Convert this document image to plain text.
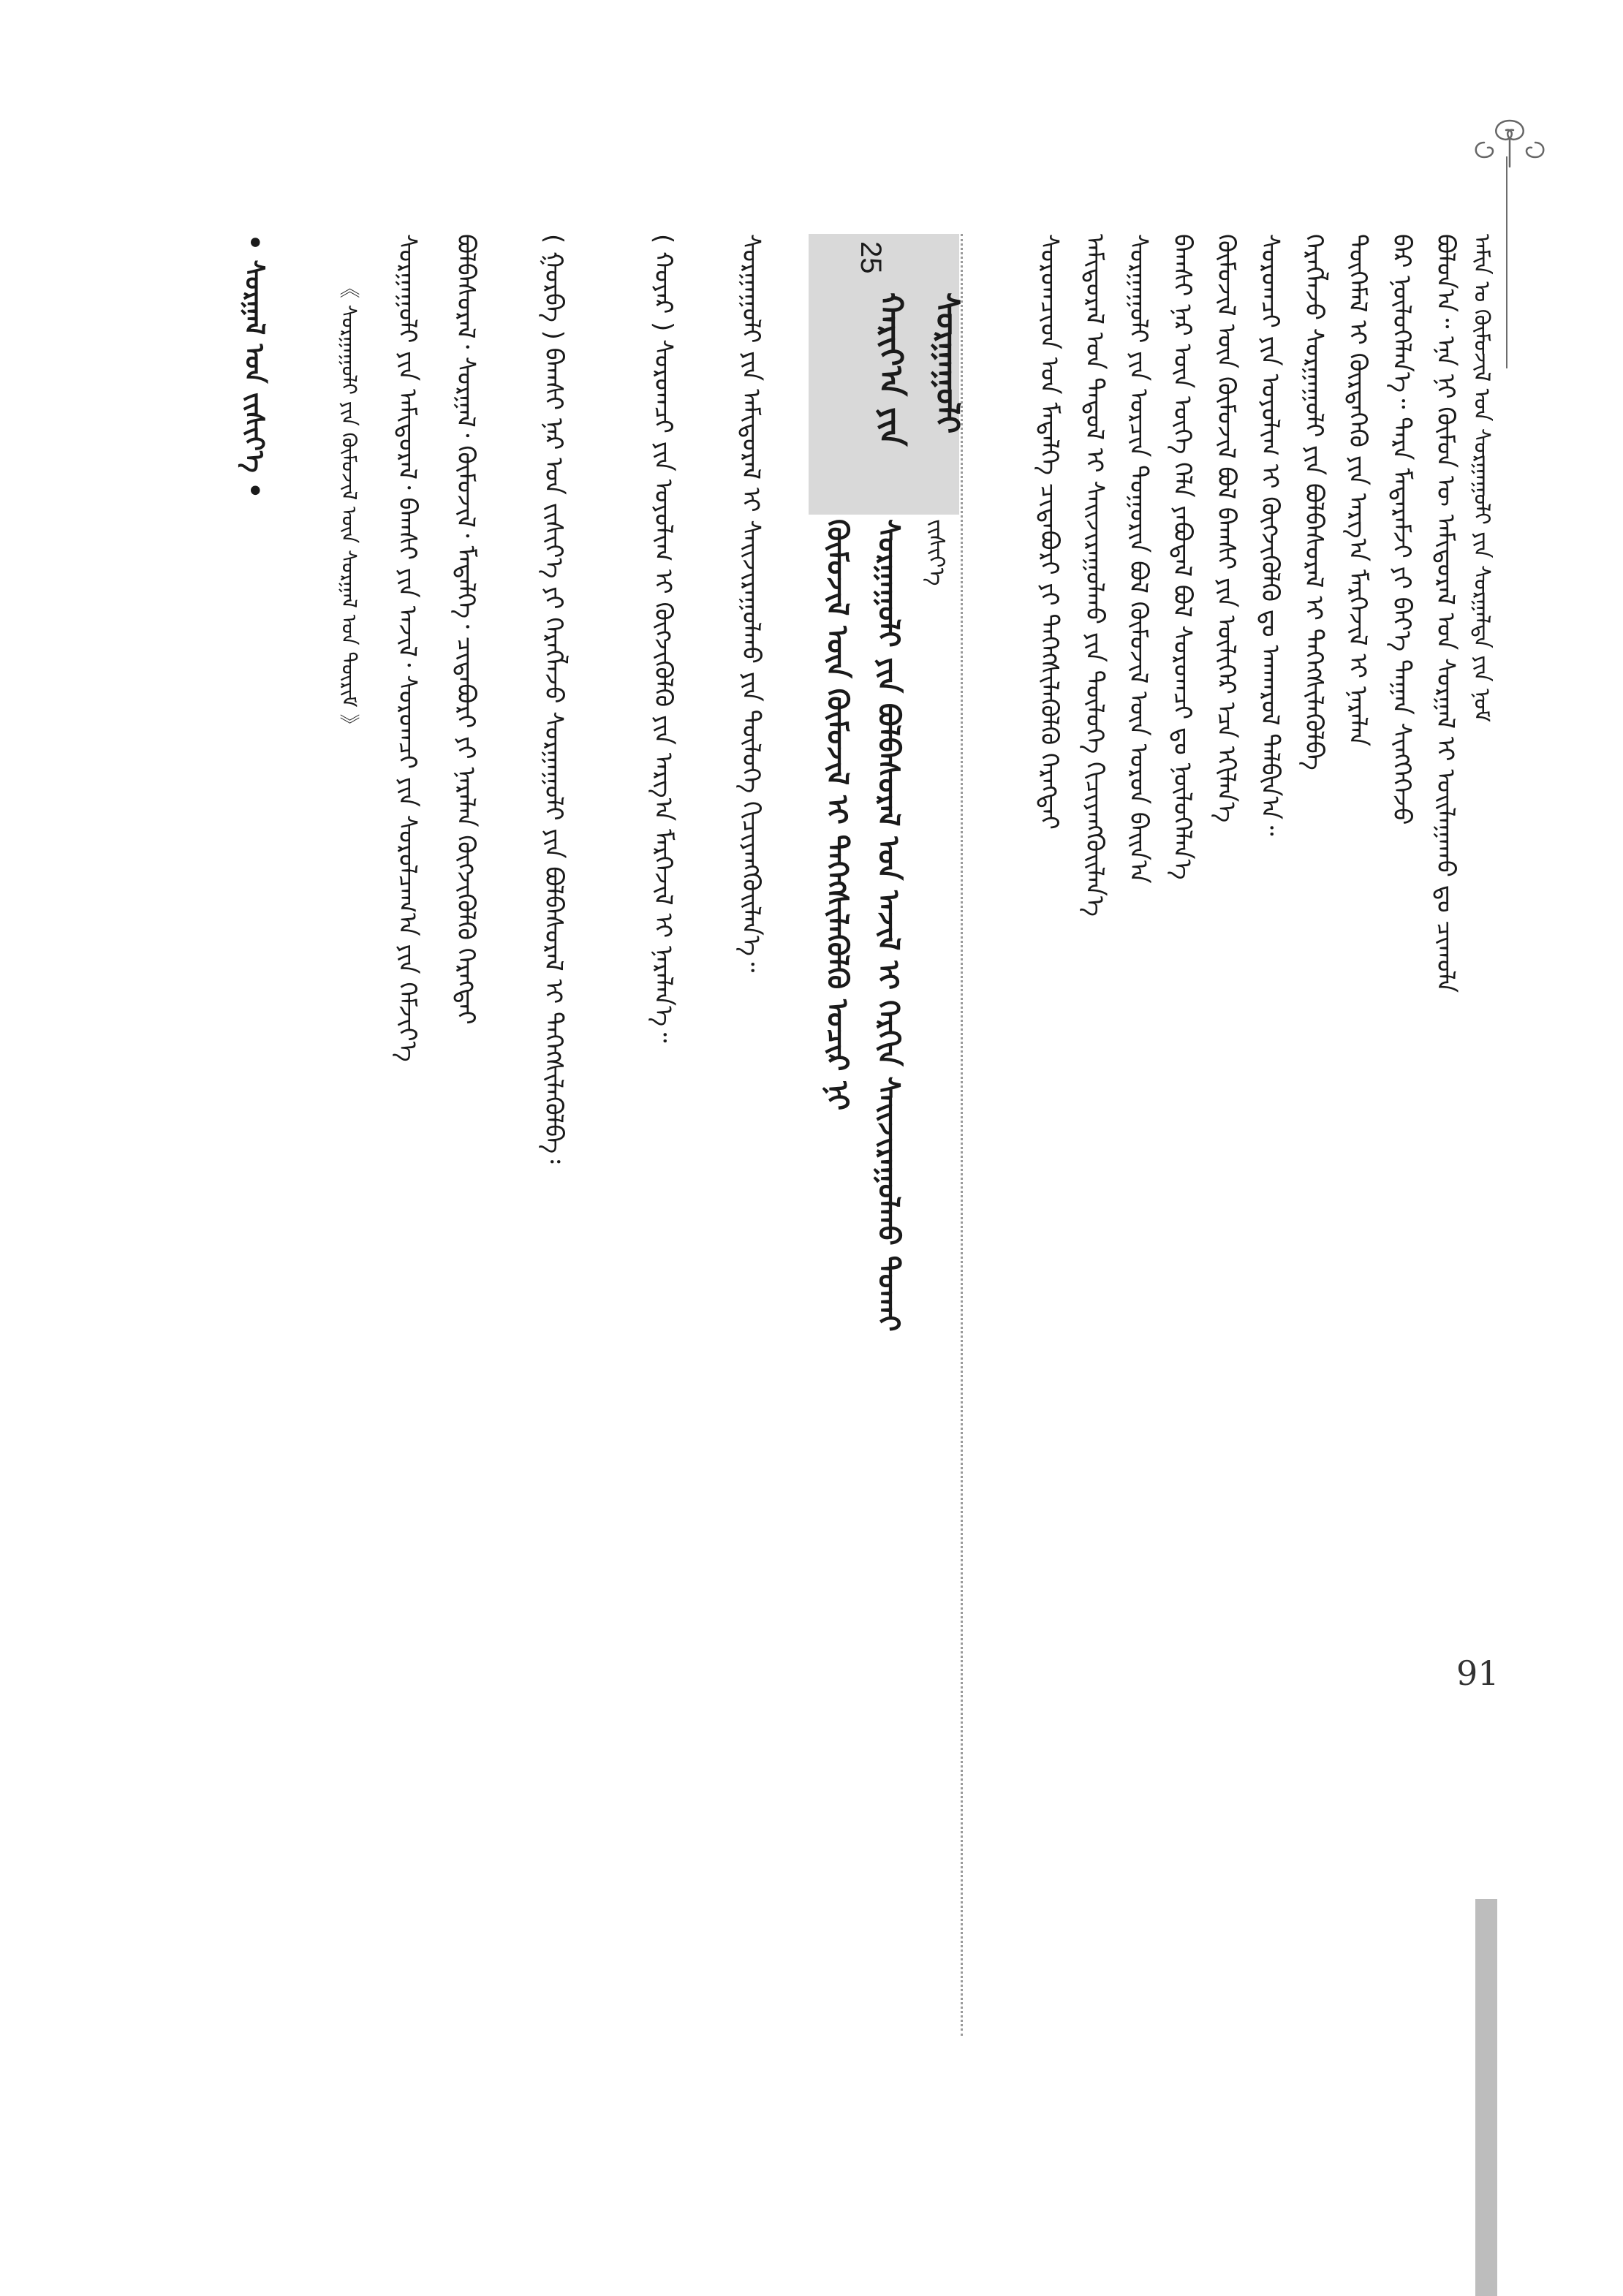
ᠠᠮᠢᠨ ᠤ ᠬᠦᠮᠦᠵᠢᠯ ᠤᠨ ᠰᠤᠷᠭᠠᠭᠤᠯᠢ ᠶᠢᠨ ᠰᠤᠷᠭᠠᠯᠲᠠ ᠶᠢᠨ ᠨᠣᠮ
ᠪᠣᠯᠤᠨ᠎ᠠ᠃ ᠡᠨᠡ ᠨᠢ ᠬᠦᠮᠦᠨ ᠦ ᠠᠮᠢᠳᠤᠷᠠᠯ ᠤᠨ ᠰᠤᠷᠭᠠᠯ ᠢ ᠣᠢᠯᠠᠭᠠᠬᠤ ᠳᠤ ᠴᠢᠬᠤᠯᠠ
ᠪᠡᠷ ᠨᠥᠯᠦᠭᠡᠯᠡᠨ᠎ᠡ᠃ ᠲᠡᠷᠡ ᠮᠡᠳᠡᠷᠡᠮᠵᠢ ᠶᠢ ᠪᠡᠶ᠎ᠡ ᠲᠠᠭᠠᠨ ᠰᠢᠩᠭᠡᠭᠡᠵᠦ
ᠲᠦᠭᠡᠮᠡᠯ ᠢ ᠬᠦᠷᠲᠡᠭᠡᠬᠦ ᠶᠢᠨ ᠠᠷᠭ᠎ᠠ ᠮᠡᠷᠭᠡᠵᠢᠯ ᠢ ᠨᠡᠷᠡᠯᠡᠨ
ᠬᠡᠷᠡᠭᠯᠡᠵᠦ ᠰᠤᠷᠭᠠᠭᠤᠯᠢ ᠶᠢᠨ ᠪᠣᠯᠪᠠᠰᠤᠷᠠᠯ ᠢ ᠳᠡᠭᠡᠭᠰᠢᠯᠡᠭᠦᠯᠪᠡ
ᠰᠤᠷᠤᠭᠴᠢ ᠶᠢᠨ ᠤᠶᠤᠯᠢᠭ ᠢ ᠬᠥᠭᠵᠢᠭᠦᠯᠬᠦ ᠳᠤ ᠠᠨᠬᠠᠷᠤᠯ ᠲᠠᠯᠪᠢᠨ᠎ᠠ᠃
ᠬᠦᠮᠦᠵᠢᠯ ᠦᠨ ᠬᠦᠮᠦᠵᠢᠯ ᠪᠣᠯ ᠪᠠᠭᠰᠢ ᠶᠢᠨ ᠦᠯᠢᠭᠡᠷ ᠡᠴᠡ ᠡᠬᠢᠯᠡᠨ᠎ᠡ
ᠪᠠᠭᠰᠢ ᠨᠠᠷ ᠦᠨ ᠦᠭᠡ ᠬᠡᠯᠡ ᠶᠠᠪᠤᠳᠠᠯ ᠪᠣᠯ ᠰᠤᠷᠤᠭᠴᠢ ᠳᠤ ᠨᠥᠯᠦᠭᠡᠯᠡᠨ᠎ᠡ
ᠰᠤᠷᠭᠠᠭᠤᠯᠢ ᠶᠢᠨ ᠣᠷᠴᠢᠨ ᠲᠣᠭᠣᠷᠢᠨ ᠪᠣᠯ ᠬᠦᠮᠦᠵᠢᠯ ᠦᠨ ᠣᠷᠣᠨ ᠪᠠᠢᠨ᠎ᠠ
ᠠᠮᠢᠳᠤᠷᠠᠯ ᠤᠨ ᠳᠠᠳᠤᠯ ᠢ ᠰᠠᠢᠵᠢᠷᠠᠭᠤᠯᠬᠤ ᠶᠢᠨ ᠲᠥᠯᠦᠭᠡ ᠬᠢᠴᠢᠶᠡᠩᠭᠦᠢᠯᠡᠨ᠎ᠡ
ᠰᠤᠷᠤᠭᠴᠢᠳ ᠤᠨ ᠮᠡᠳᠡᠯᠭᠡ ᠴᠢᠳᠠᠪᠤᠷᠢ ᠶᠢ ᠳᠡᠭᠡᠭᠰᠢᠯᠡᠭᠦᠯᠬᠦ ᠬᠡᠷᠡᠭᠲᠡᠢ
ᠵᠢᠱᠢᠶ᠎ᠡ
25
ᠬᠠᠷᠢᠶ᠎ᠠ ᠶᠢᠨ ᠰᠤᠷᠭᠠᠭᠤᠯᠢ
ᠰᠤᠷᠭᠠᠭᠤᠯᠢ ᠶᠢᠨ ᠪᠣᠯᠪᠠᠰᠤᠷᠠᠯ ᠤᠨ ᠠᠵᠢᠯ ᠢ ᠬᠡᠷᠬᠢᠨ ᠰᠠᠢᠵᠢᠷᠠᠭᠤᠯᠬᠤ ᠲᠤᠬᠠᠢ
ᠬᠦᠮᠦᠵᠢᠯ ᠦᠨ ᠬᠦᠮᠦᠵᠢᠯ ᠢ ᠳᠡᠭᠡᠭᠰᠢᠯᠡᠭᠦᠯᠬᠦ ᠤᠴᠢᠷ ᠨᠢ
ᠰᠤᠷᠭᠠᠭᠤᠯᠢ ᠶᠢᠨ ᠠᠮᠢᠳᠤᠷᠠᠯ ᠢ ᠰᠠᠢᠵᠢᠷᠠᠭᠤᠯᠬᠤ ᠶᠢᠨ ᠲᠥᠯᠦᠭᠡ ᠬᠢᠴᠢᠶᠡᠩᠭᠦᠢᠯᠡᠨ᠎ᠡ᠃
( ᠬᠣᠶᠠᠷ ) ᠰᠤᠷᠤᠭᠴᠢ ᠶᠢᠨ ᠤᠶᠤᠯᠢᠭ ᠢ ᠬᠥᠭᠵᠢᠭᠦᠯᠬᠦ ᠶᠢᠨ ᠠᠷᠭ᠎ᠠ ᠮᠡᠷᠭᠡᠵᠢᠯ ᠢ ᠨᠡᠷᠡᠯᠡᠨ᠎ᠡ᠃
( ᠭᠤᠷᠪᠠ ) ᠪᠠᠭᠰᠢ ᠨᠠᠷ ᠤᠨ ᠵᠢᠱᠢᠶ᠎ᠡ ᠶᠢ ᠬᠡᠷᠡᠭᠯᠡᠵᠦ ᠰᠤᠷᠭᠠᠭᠤᠯᠢ ᠶᠢᠨ ᠪᠣᠯᠪᠠᠰᠤᠷᠠᠯ ᠢ ᠳᠡᠭᠡᠭᠰᠢᠯᠡᠭᠦᠯᠪᠡ᠄
ᠪᠣᠯᠪᠠᠰᠤᠷᠠᠯ᠂ ᠰᠤᠷᠭᠠᠯ᠂ ᠬᠦᠮᠦᠵᠢᠯ᠂ ᠮᠡᠳᠡᠯᠭᠡ᠂ ᠴᠢᠳᠠᠪᠤᠷᠢ ᠶᠢ ᠨᠡᠷᠡᠯᠡᠨ ᠬᠥᠭᠵᠢᠭᠦᠯᠬᠦ ᠬᠡᠷᠡᠭᠲᠡᠢ
ᠰᠤᠷᠭᠠᠭᠤᠯᠢ ᠶᠢᠨ ᠠᠮᠢᠳᠤᠷᠠᠯ᠂ ᠪᠠᠭᠰᠢ ᠶᠢᠨ ᠠᠵᠢᠯ᠂ ᠰᠤᠷᠤᠭᠴᠢ ᠶᠢᠨ ᠰᠤᠷᠤᠯᠴᠠᠭ᠎ᠠ ᠶᠢᠨ ᠬᠡᠮᠵᠢᠶ᠎ᠡ
《 ᠰᠤᠷᠭᠠᠭᠤᠯᠢ ᠶᠢᠨ ᠬᠦᠮᠦᠵᠢᠯ ᠦᠨ ᠰᠤᠷᠭᠠᠯ ᠤᠨ ᠳᠦᠷᠢᠮ 》
• ᠰᠤᠷᠭᠠᠯ ᠤᠨ ᠵᠢᠱᠢᠶ᠎ᠡ •
91
